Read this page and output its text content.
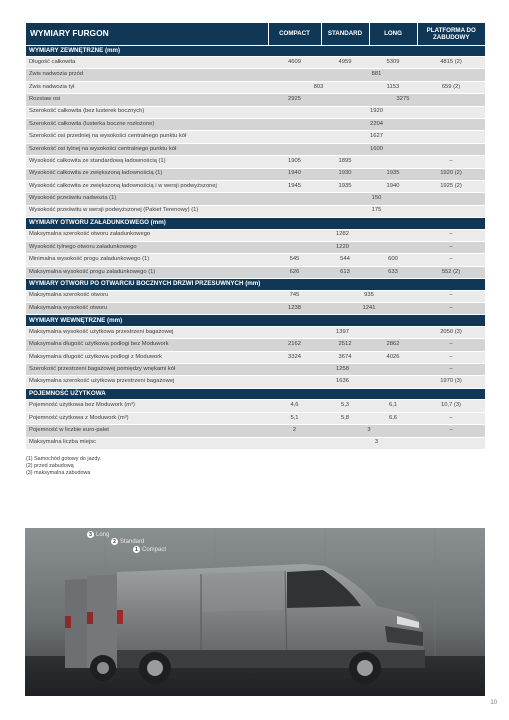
WYMIARY FURGON	COMPACT	STANDARD	LONG	PLATFORMA DO ZABUDOWY
WYMIARY ZEWNĘTRZNE (mm)				
Długość całkowita	4609	4959	5309	4815 (2)
Zwis nadwozia przód	881			
Zwis nadwozia tył	803		1153	659 (2)
Rozstaw osi	2925	3275		
Szerokość całkowita (bez lusterek bocznych)	1920			
Szerokość całkowita (lusterka boczne rozłożone)	2204			
Szerokość osi przedniej na wysokości centralnego punktu kół	1627			
Szerokość osi tylnej na wysokości centralnego punktu kół	1600			
Wysokość całkowita ze standardową ładownością (1)	1905	1895		–
Wysokość całkowita ze zwiększoną ładownością (1)	1940	1930	1935	1920 (2)
Wysokość całkowita ze zwiększoną ładownością i w wersji podwyższonej	1945	1935	1940	1925 (2)
Wysokość prześwitu nadwozia (1)	150			
Wysokość prześwitu w wersji podwyższonej (Pakiet Terenowy) (1)	175			
WYMIARY OTWORU ZAŁADUNKOWEGO (mm)				
Maksymalna szerokość otworu załadunkowego	1282			–
Wysokość tylnego otworu załadunkowego	1220			–
Minimalna wysokość progu załadunkowego (1)	545	544	600	–
Maksymalna wysokość progu załadunkowego (1)	626	613	633	552 (2)
WYMIARY OTWORU PO OTWARCIU BOCZNYCH DRZWI PRZESUWNYCH (mm)				
Maksymalna szerokość otworu	745	935		–
Maksymalna wysokość otworu	1238	1241		–
WYMIARY WEWNĘTRZNE (mm)				
Maksymalna wysokość użytkowa przestrzeni bagażowej	1397			2050 (3)
Maksymalna długość użytkowa podłogi bez Moduwork	2162	2512	2862	–
Maksymalna długość użytkowa podłogi z Moduwork	3324	3674	4026	–
Szerokość przestrzeni bagażowej pomiędzy wnękami kół	1258			–
Maksymalna szerokość użytkowa przestrzeni bagażowej	1636			1970 (3)
POJEMNOŚĆ UŻYTKOWA				
Pojemność użytkowa bez Moduwork (m³)	4,6	5,3	6,1	10,7 (3)
Pojemność użytkowa z Moduwork (m³)	5,1	5,8	6,6	–
Pojemność w liczbie euro-palet	2	3		–
Maksymalna liczba miejsc	3			
(1) Samochód gotowy do jazdy.
(2) przed zabudową
(3) maksymalna zabudowa
3 Long
2 Standard
1 Compact
10
